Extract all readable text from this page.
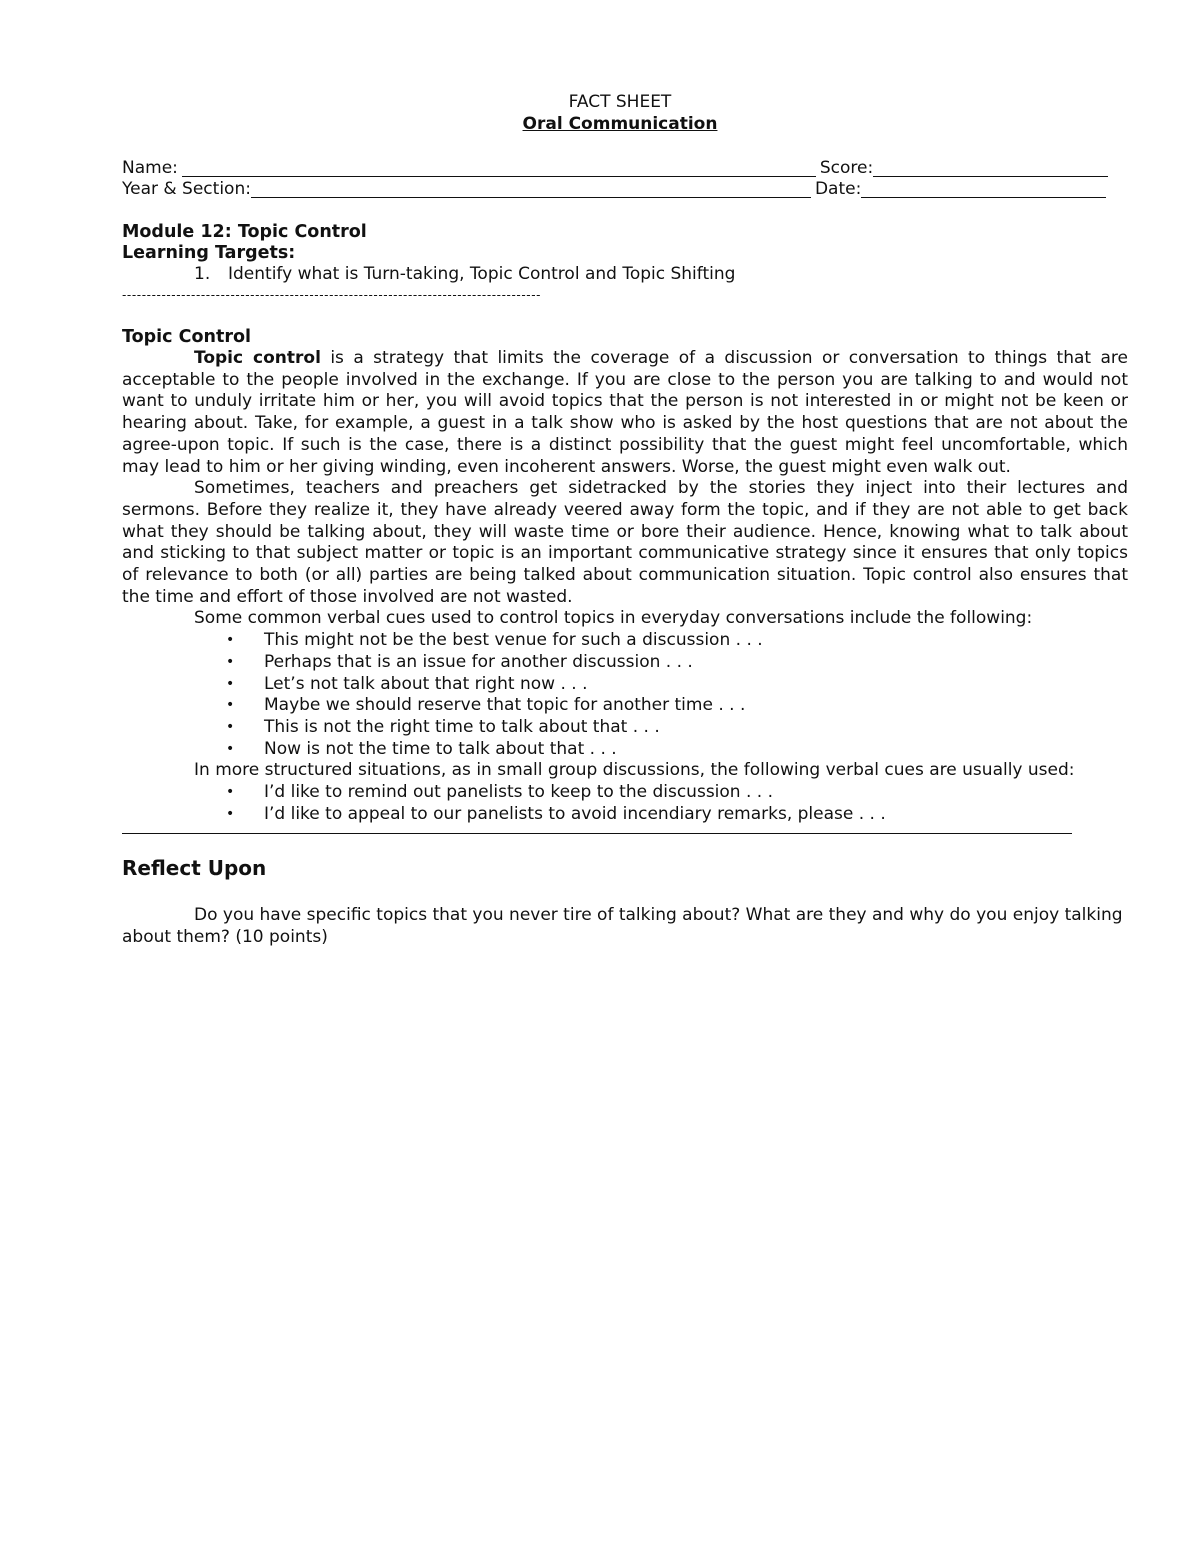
FACT SHEET
Oral Communication
Name:	Score:
Year & Section:	Date:
Module 12: Topic Control
Learning Targets:
1. Identify what is Turn-taking, Topic Control and Topic Shifting
-------------------------------------------------------------------------------------
Topic Control

Topic control is a strategy that limits the coverage of a discussion or conversation to things that are acceptable to the people involved in the exchange. If you are close to the person you are talking to and would not want to unduly irritate him or her, you will avoid topics that the person is not interested in or might not be keen or hearing about. Take, for example, a guest in a talk show who is asked by the host questions that are not about the agree-upon topic. If such is the case, there is a distinct possibility that the guest might feel uncomfortable, which may lead to him or her giving winding, even incoherent answers. Worse, the guest might even walk out.

Sometimes, teachers and preachers get sidetracked by the stories they inject into their lectures and sermons. Before they realize it, they have already veered away form the topic, and if they are not able to get back what they should be talking about, they will waste time or bore their audience. Hence, knowing what to talk about and sticking to that subject matter or topic is an important communicative strategy since it ensures that only topics of relevance to both (or all) parties are being talked about communication situation. Topic control also ensures that the time and effort of those involved are not wasted.

Some common verbal cues used to control topics in everyday conversations include the following:
• This might not be the best venue for such a discussion . . .
• Perhaps that is an issue for another discussion . . .
• Let’s not talk about that right now . . .
• Maybe we should reserve that topic for another time . . .
• This is not the right time to talk about that . . .
• Now is not the time to talk about that . . .
In more structured situations, as in small group discussions, the following verbal cues are usually used:
• I’d like to remind out panelists to keep to the discussion . . .
• I’d like to appeal to our panelists to avoid incendiary remarks, please . . .
Reflect Upon
Do you have specific topics that you never tire of talking about? What are they and why do you enjoy talking about them? (10 points)
